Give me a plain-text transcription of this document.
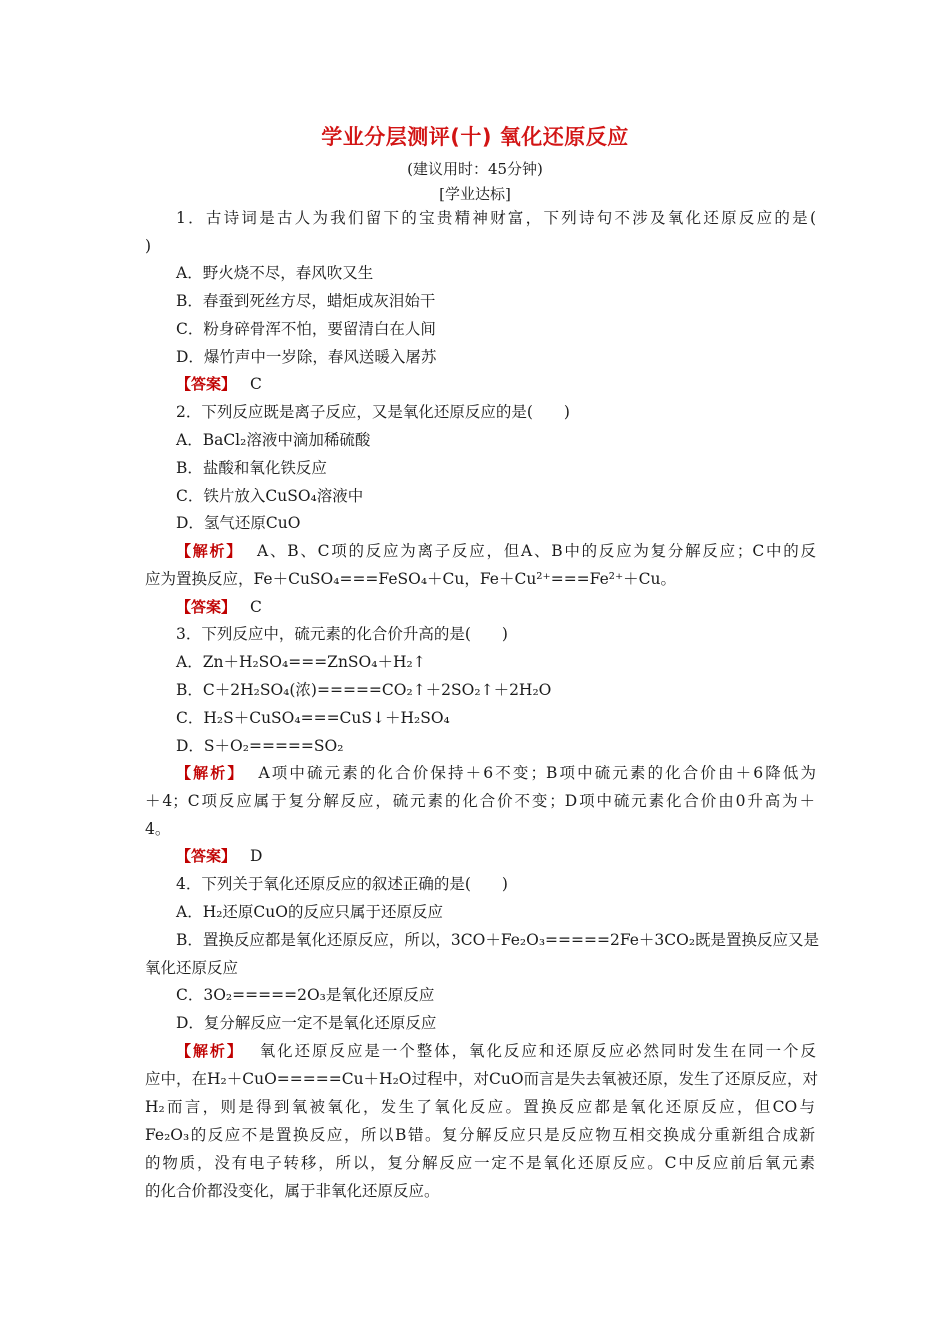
学业分层测评(十) 氧化还原反应
(建议用时：45分钟)
[学业达标]
1．古诗词是古人为我们留下的宝贵精神财富，下列诗句不涉及氧化还原反应的是(
)
A．野火烧不尽，春风吹又生
B．春蚕到死丝方尽，蜡炬成灰泪始干
C．粉身碎骨浑不怕，要留清白在人间
D．爆竹声中一岁除，春风送暖入屠苏
【答案】 C
2．下列反应既是离子反应，又是氧化还原反应的是(　　)
A．BaCl₂溶液中滴加稀硫酸
B．盐酸和氧化铁反应
C．铁片放入CuSO₄溶液中
D．氢气还原CuO
【解析】 A、B、C项的反应为离子反应，但A、B中的反应为复分解反应；C中的反
应为置换反应，Fe＋CuSO₄===FeSO₄＋Cu，Fe＋Cu²⁺===Fe²⁺＋Cu。
【答案】 C
3．下列反应中，硫元素的化合价升高的是(　　)
A．Zn＋H₂SO₄===ZnSO₄＋H₂↑
B．C＋2H₂SO₄(浓)=====CO₂↑＋2SO₂↑＋2H₂O
C．H₂S＋CuSO₄===CuS↓＋H₂SO₄
D．S＋O₂=====SO₂
【解析】 A项中硫元素的化合价保持＋6不变；B项中硫元素的化合价由＋6降低为
＋4；C项反应属于复分解反应，硫元素的化合价不变；D项中硫元素化合价由0升高为＋
4。
【答案】 D
4．下列关于氧化还原反应的叙述正确的是(　　)
A．H₂还原CuO的反应只属于还原反应
B．置换反应都是氧化还原反应，所以，3CO＋Fe₂O₃=====2Fe＋3CO₂既是置换反应又是
氧化还原反应
C．3O₂=====2O₃是氧化还原反应
D．复分解反应一定不是氧化还原反应
【解析】 氧化还原反应是一个整体，氧化反应和还原反应必然同时发生在同一个反
应中，在H₂＋CuO=====Cu＋H₂O过程中，对CuO而言是失去氧被还原，发生了还原反应，对
H₂而言，则是得到氧被氧化，发生了氧化反应。置换反应都是氧化还原反应，但CO与
Fe₂O₃的反应不是置换反应，所以B错。复分解反应只是反应物互相交换成分重新组合成新
的物质，没有电子转移，所以，复分解反应一定不是氧化还原反应。C中反应前后氧元素
的化合价都没变化，属于非氧化还原反应。
